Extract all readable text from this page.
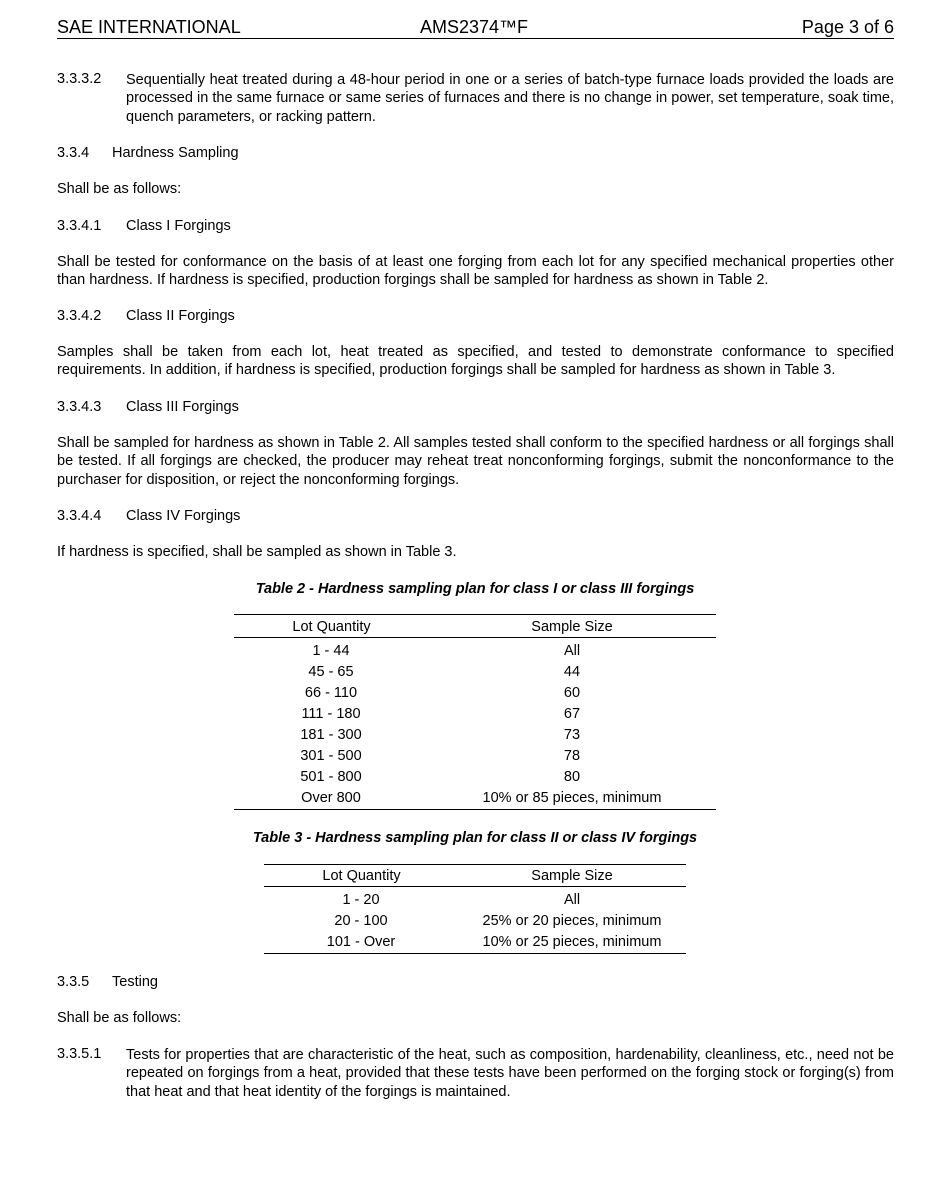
SAE INTERNATIONAL	AMS2374™F	Page 3 of 6
3.3.3.2	Sequentially heat treated during a 48-hour period in one or a series of batch-type furnace loads provided the loads are processed in the same furnace or same series of furnaces and there is no change in power, set temperature, soak time, quench parameters, or racking pattern.
3.3.4 Hardness Sampling
Shall be as follows:
3.3.4.1 Class I Forgings
Shall be tested for conformance on the basis of at least one forging from each lot for any specified mechanical properties other than hardness. If hardness is specified, production forgings shall be sampled for hardness as shown in Table 2.
3.3.4.2 Class II Forgings
Samples shall be taken from each lot, heat treated as specified, and tested to demonstrate conformance to specified requirements. In addition, if hardness is specified, production forgings shall be sampled for hardness as shown in Table 3.
3.3.4.3 Class III Forgings
Shall be sampled for hardness as shown in Table 2. All samples tested shall conform to the specified hardness or all forgings shall be tested. If all forgings are checked, the producer may reheat treat nonconforming forgings, submit the nonconformance to the purchaser for disposition, or reject the nonconforming forgings.
3.3.4.4 Class IV Forgings
If hardness is specified, shall be sampled as shown in Table 3.
Table 2 - Hardness sampling plan for class I or class III forgings
Lot Quantity	Sample Size
1 - 44	All
45 - 65	44
66 - 110	60
111 - 180	67
181 - 300	73
301 - 500	78
501 - 800	80
Over 800	10% or 85 pieces, minimum
Table 3 - Hardness sampling plan for class II or class IV forgings
Lot Quantity	Sample Size
1 - 20	All
20 - 100	25% or 20 pieces, minimum
101 - Over	10% or 25 pieces, minimum
3.3.5 Testing
Shall be as follows:
3.3.5.1	Tests for properties that are characteristic of the heat, such as composition, hardenability, cleanliness, etc., need not be repeated on forgings from a heat, provided that these tests have been performed on the forging stock or forging(s) from that heat and that heat identity of the forgings is maintained.
